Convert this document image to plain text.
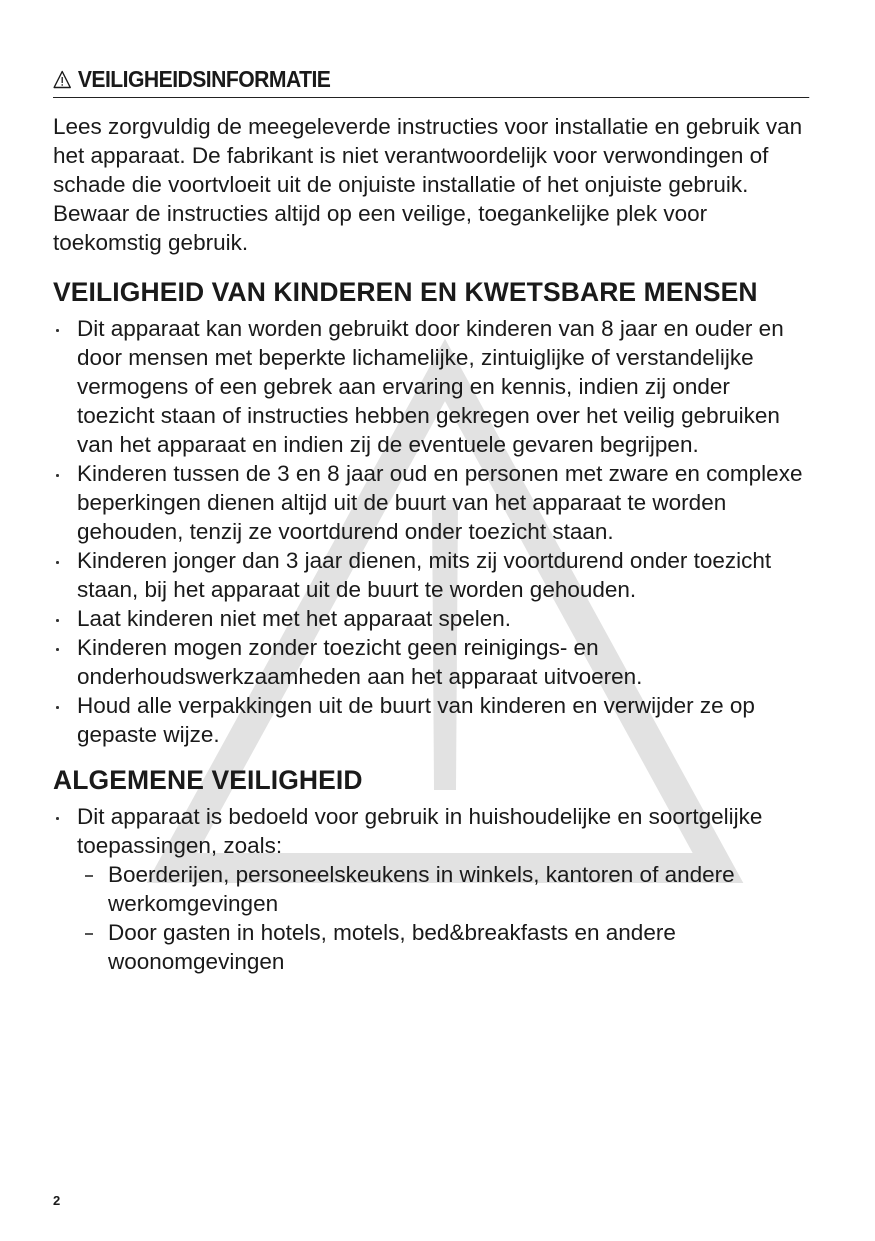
VEILIGHEIDSINFORMATIE

Lees zorgvuldig de meegeleverde instructies voor installatie en gebruik van het apparaat. De fabrikant is niet verantwoordelijk voor verwondingen of schade die voortvloeit uit de onjuiste installatie of het onjuiste gebruik. Bewaar de instructies altijd op een veilige, toegankelijke plek voor toekomstig gebruik.

VEILIGHEID VAN KINDEREN EN KWETSBARE MENSEN
Dit apparaat kan worden gebruikt door kinderen van 8 jaar en ouder en door mensen met beperkte lichamelijke, zintuiglijke of verstandelijke vermogens of een gebrek aan ervaring en kennis, indien zij onder toezicht staan of instructies hebben gekregen over het veilig gebruiken van het apparaat en indien zij de eventuele gevaren begrijpen.
Kinderen tussen de 3 en 8 jaar oud en personen met zware en complexe beperkingen dienen altijd uit de buurt van het apparaat te worden gehouden, tenzij ze voortdurend onder toezicht staan.
Kinderen jonger dan 3 jaar dienen, mits zij voortdurend onder toezicht staan, bij het apparaat uit de buurt te worden gehouden.
Laat kinderen niet met het apparaat spelen.
Kinderen mogen zonder toezicht geen reinigings- en onderhoudswerkzaamheden aan het apparaat uitvoeren.
Houd alle verpakkingen uit de buurt van kinderen en verwijder ze op gepaste wijze.
ALGEMENE VEILIGHEID
Dit apparaat is bedoeld voor gebruik in huishoudelijke en soortgelijke toepassingen, zoals:
Boerderijen, personeelskeukens in winkels, kantoren of andere werkomgevingen
Door gasten in hotels, motels, bed&breakfasts en andere woonomgevingen
2
